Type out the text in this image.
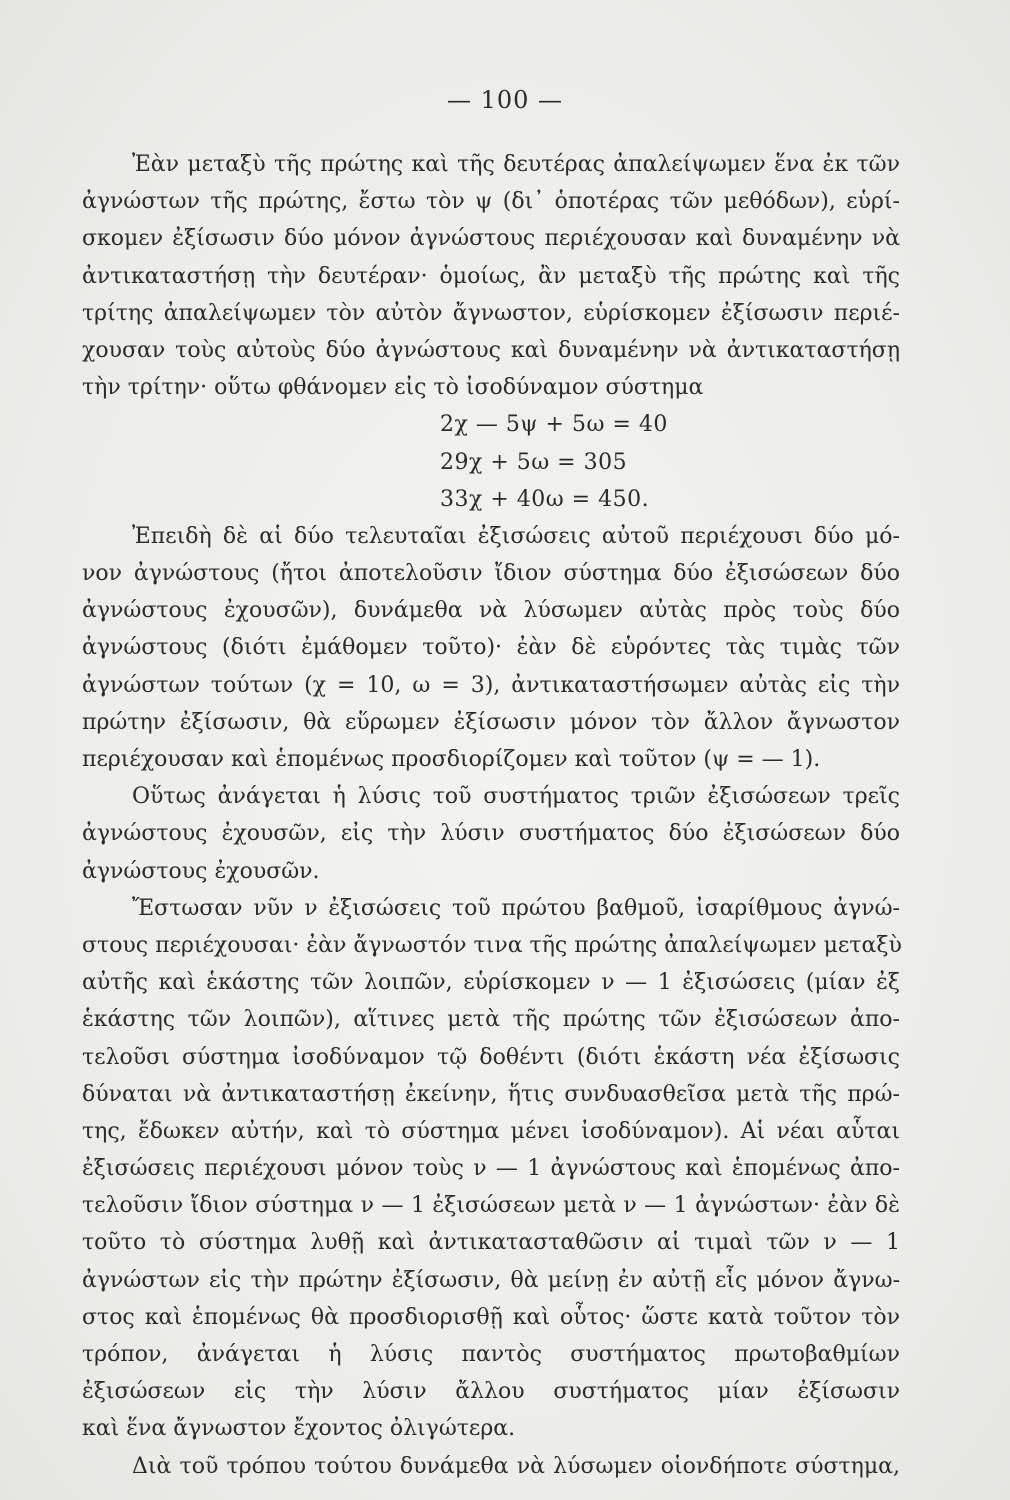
— 100 —
Ἐὰν μεταξὺ τῆς πρώτης καὶ τῆς δευτέρας ἀπαλείψωμεν ἕνα ἐκ τῶν
ἀγνώστων τῆς πρώτης, ἔστω τὸν ψ (δι᾿ ὁποτέρας τῶν μεθόδων), εὑρί-
σκομεν ἐξίσωσιν δύο μόνον ἀγνώστους περιέχουσαν καὶ δυναμένην νὰ
ἀντικαταστήσῃ τὴν δευτέραν· ὁμοίως, ἂν μεταξὺ τῆς πρώτης καὶ τῆς
τρίτης ἀπαλείψωμεν τὸν αὐτὸν ἄγνωστον, εὑρίσκομεν ἐξίσωσιν περιέ-
χουσαν τοὺς αὐτοὺς δύο ἀγνώστους καὶ δυναμένην νὰ ἀντικαταστήσῃ
τὴν τρίτην· οὕτω φθάνομεν εἰς τὸ ἰσοδύναμον σύστημα
2χ — 5ψ + 5ω = 40
29χ + 5ω = 305
33χ + 40ω = 450.
Ἐπειδὴ δὲ αἱ δύο τελευταῖαι ἐξισώσεις αὐτοῦ περιέχουσι δύο μό-
νον ἀγνώστους (ἤτοι ἀποτελοῦσιν ἴδιον σύστημα δύο ἐξισώσεων δύο
ἀγνώστους ἐχουσῶν), δυνάμεθα νὰ λύσωμεν αὐτὰς πρὸς τοὺς δύο
ἀγνώστους (διότι ἐμάθομεν τοῦτο)· ἐὰν δὲ εὑρόντες τὰς τιμὰς τῶν
ἀγνώστων τούτων (χ = 10, ω = 3), ἀντικαταστήσωμεν αὐτὰς εἰς τὴν
πρώτην ἐξίσωσιν, θὰ εὕρωμεν ἐξίσωσιν μόνον τὸν ἄλλον ἄγνωστον
περιέχουσαν καὶ ἑπομένως προσδιορίζομεν καὶ τοῦτον (ψ = — 1).
Οὕτως ἀνάγεται ἡ λύσις τοῦ συστήματος τριῶν ἐξισώσεων τρεῖς
ἀγνώστους ἐχουσῶν, εἰς τὴν λύσιν συστήματος δύο ἐξισώσεων δύο
ἀγνώστους ἐχουσῶν.
Ἔστωσαν νῦν ν ἐξισώσεις τοῦ πρώτου βαθμοῦ, ἰσαρίθμους ἀγνώ-
στους περιέχουσαι· ἐὰν ἄγνωστόν τινα τῆς πρώτης ἀπαλείψωμεν μεταξὺ
αὐτῆς καὶ ἑκάστης τῶν λοιπῶν, εὑρίσκομεν ν — 1 ἐξισώσεις (μίαν ἐξ
ἑκάστης τῶν λοιπῶν), αἵτινες μετὰ τῆς πρώτης τῶν ἐξισώσεων ἀπο-
τελοῦσι σύστημα ἰσοδύναμον τῷ δοθέντι (διότι ἑκάστη νέα ἐξίσωσις
δύναται νὰ ἀντικαταστήσῃ ἐκείνην, ἥτις συνδυασθεῖσα μετὰ τῆς πρώ-
της, ἔδωκεν αὐτήν, καὶ τὸ σύστημα μένει ἰσοδύναμον). Αἱ νέαι αὗται
ἐξισώσεις περιέχουσι μόνον τοὺς ν — 1 ἀγνώστους καὶ ἑπομένως ἀπο-
τελοῦσιν ἴδιον σύστημα ν — 1 ἐξισώσεων μετὰ ν — 1 ἀγνώστων· ἐὰν δὲ
τοῦτο τὸ σύστημα λυθῇ καὶ ἀντικατασταθῶσιν αἱ τιμαὶ τῶν ν — 1
ἀγνώστων εἰς τὴν πρώτην ἐξίσωσιν, θὰ μείνῃ ἐν αὐτῇ εἷς μόνον ἄγνω-
στος καὶ ἑπομένως θὰ προσδιορισθῇ καὶ οὗτος· ὥστε κατὰ τοῦτον τὸν
τρόπον, ἀνάγεται ἡ λύσις παντὸς συστήματος πρωτοβαθμίων
ἐξισώσεων εἰς τὴν λύσιν ἄλλου συστήματος μίαν ἐξίσωσιν
καὶ ἕνα ἄγνωστον ἔχοντος ὀλιγώτερα.
Διὰ τοῦ τρόπου τούτου δυνάμεθα νὰ λύσωμεν οἱονδήποτε σύστημα,
